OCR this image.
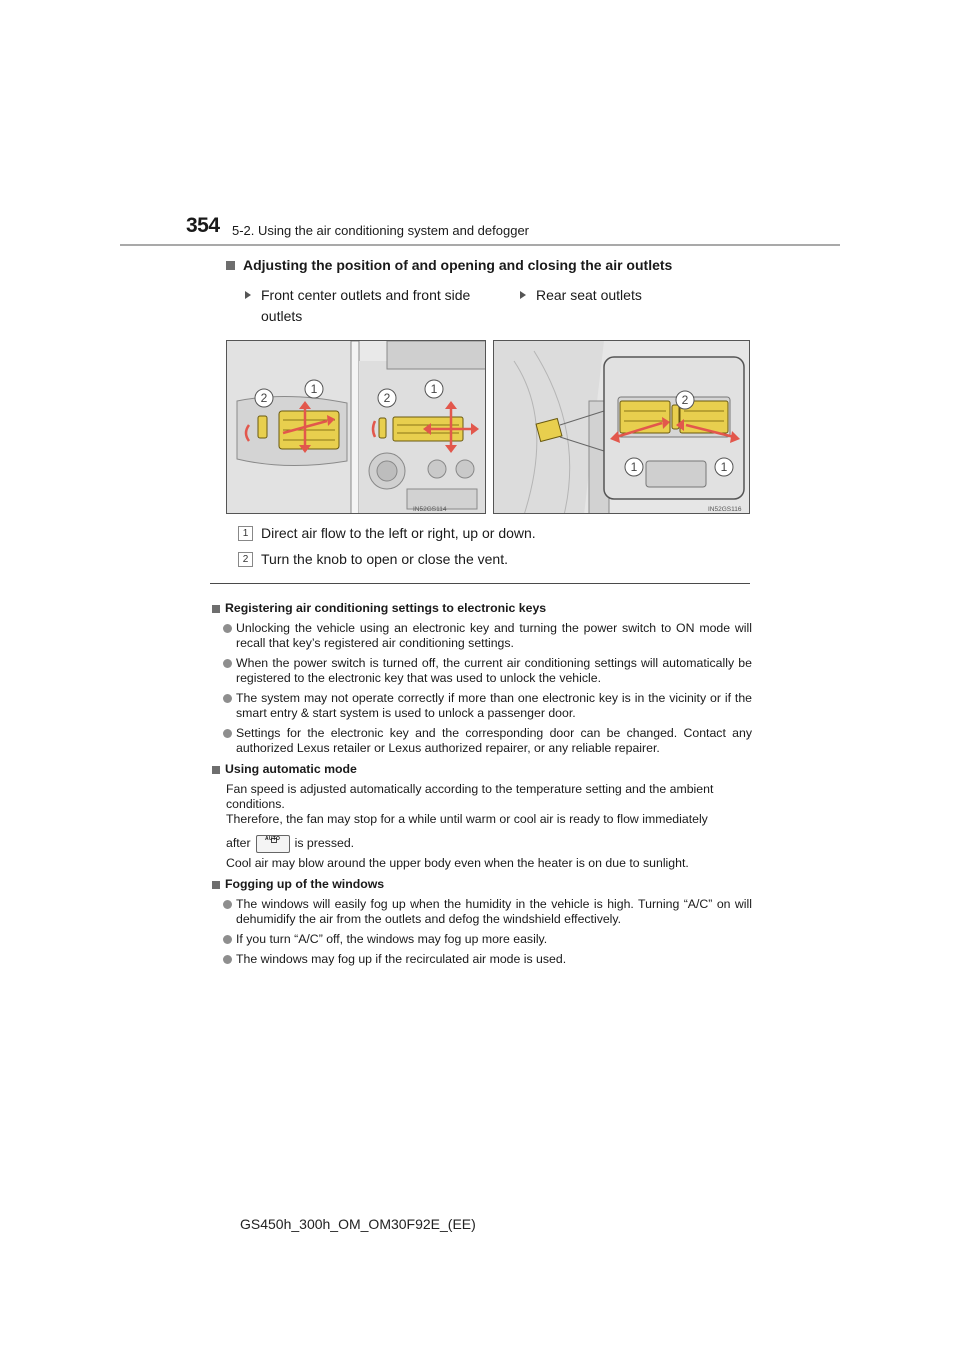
354 5-2. Using the air conditioning system and defogger
Adjusting the position of and opening and closing the air outlets
Front center outlets and front side outlets
Rear seat outlets
2
1
2
1
IN52GS114
2
1	1
IN52GS116
1 Direct air flow to the left or right, up or down.
2 Turn the knob to open or close the vent.
Registering air conditioning settings to electronic keys
Unlocking the vehicle using an electronic key and turning the power switch to ON mode will recall that key’s registered air conditioning settings.
When the power switch is turned off, the current air conditioning settings will automatically be registered to the electronic key that was used to unlock the vehicle.
The system may not operate correctly if more than one electronic key is in the vicinity or if the smart entry & start system is used to unlock a passenger door.
Settings for the electronic key and the corresponding door can be changed. Contact any authorized Lexus retailer or Lexus authorized repairer, or any reliable repairer.
Using automatic mode
Fan speed is adjusted automatically according to the temperature setting and the ambient conditions.
Therefore, the fan may stop for a while until warm or cool air is ready to flow immediately
after	AUTO	is pressed.
Cool air may blow around the upper body even when the heater is on due to sunlight.
Fogging up of the windows
The windows will easily fog up when the humidity in the vehicle is high. Turning “A/C” on will dehumidify the air from the outlets and defog the windshield effectively.
If you turn “A/C” off, the windows may fog up more easily.
The windows may fog up if the recirculated air mode is used.
GS450h_300h_OM_OM30F92E_(EE)
